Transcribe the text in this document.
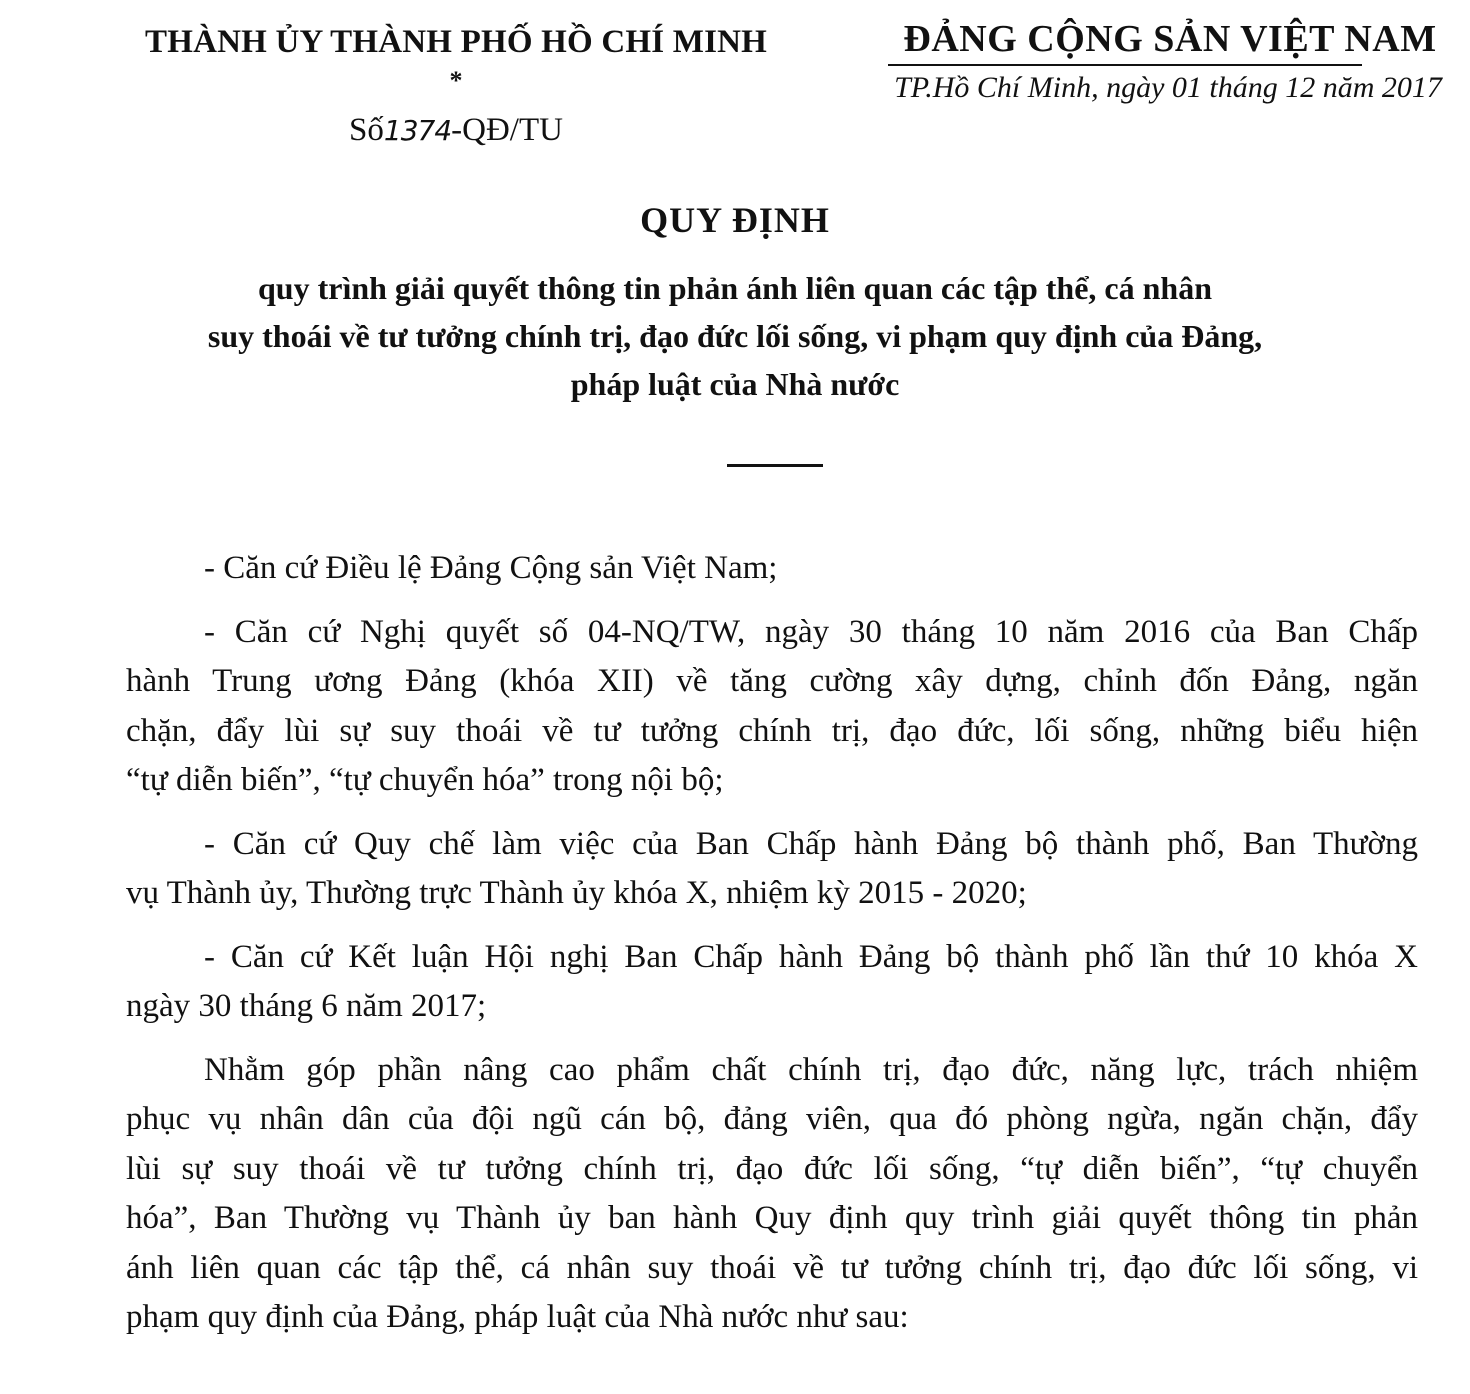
THÀNH ỦY THÀNH PHỐ HỒ CHÍ MINH
*
Số1374-QĐ/TU
ĐẢNG CỘNG SẢN VIỆT NAM
TP.Hồ Chí Minh, ngày 01 tháng 12 năm 2017
QUY ĐỊNH
quy trình giải quyết thông tin phản ánh liên quan các tập thể, cá nhân
suy thoái về tư tưởng chính trị, đạo đức lối sống, vi phạm quy định của Đảng,
pháp luật của Nhà nước
- Căn cứ Điều lệ Đảng Cộng sản Việt Nam;
- Căn cứ Nghị quyết số 04-NQ/TW, ngày 30 tháng 10 năm 2016 của Ban Chấp
hành Trung ương Đảng (khóa XII) về tăng cường xây dựng, chỉnh đốn Đảng, ngăn
chặn, đẩy lùi sự suy thoái về tư tưởng chính trị, đạo đức, lối sống, những biểu hiện
“tự diễn biến”, “tự chuyển hóa” trong nội bộ;
- Căn cứ Quy chế làm việc của Ban Chấp hành Đảng bộ thành phố, Ban Thường
vụ Thành ủy, Thường trực Thành ủy khóa X, nhiệm kỳ 2015 - 2020;
- Căn cứ Kết luận Hội nghị Ban Chấp hành Đảng bộ thành phố lần thứ 10 khóa X
ngày 30 tháng 6 năm 2017;
Nhằm góp phần nâng cao phẩm chất chính trị, đạo đức, năng lực, trách nhiệm
phục vụ nhân dân của đội ngũ cán bộ, đảng viên, qua đó phòng ngừa, ngăn chặn, đẩy
lùi sự suy thoái về tư tưởng chính trị, đạo đức lối sống, “tự diễn biến”, “tự chuyển
hóa”, Ban Thường vụ Thành ủy ban hành Quy định quy trình giải quyết thông tin phản
ánh liên quan các tập thể, cá nhân suy thoái về tư tưởng chính trị, đạo đức lối sống, vi
phạm quy định của Đảng, pháp luật của Nhà nước như sau:
